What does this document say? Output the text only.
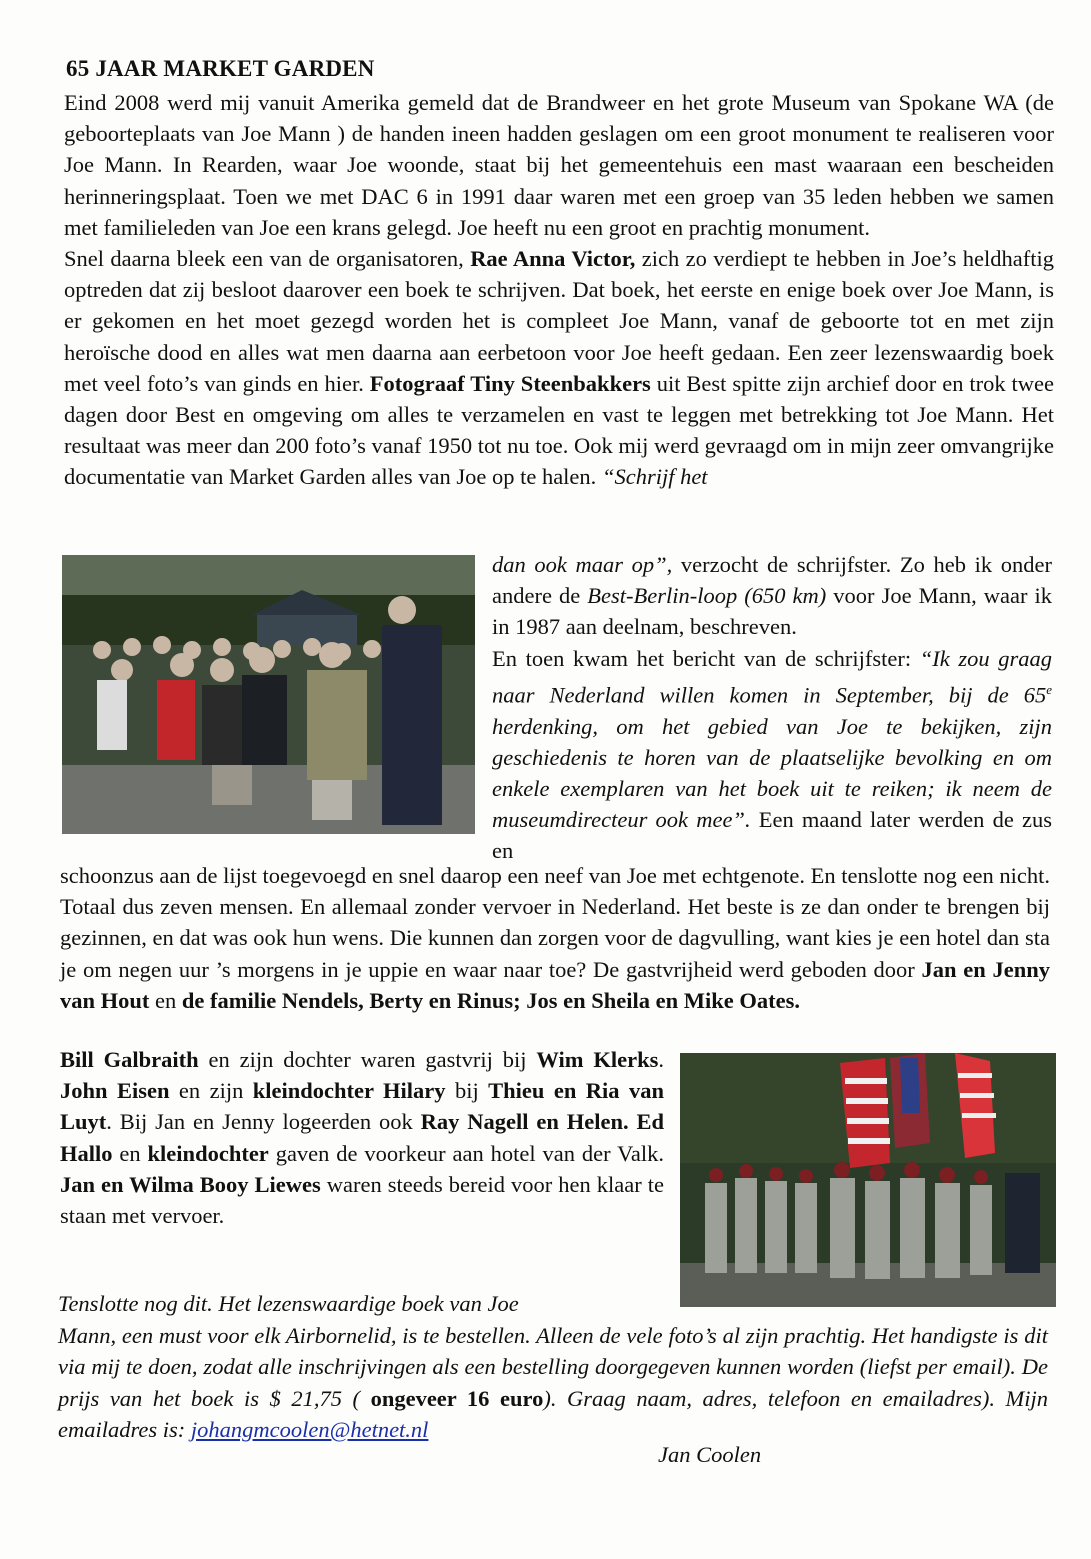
65 JAAR MARKET GARDEN

Eind 2008 werd mij vanuit Amerika gemeld dat de Brandweer en het grote Museum van Spokane WA (de geboorteplaats van Joe Mann ) de handen ineen hadden geslagen om een groot monument te realiseren voor Joe Mann. In Rearden, waar Joe woonde, staat bij het gemeentehuis een mast waaraan een bescheiden herinneringsplaat. Toen we met DAC 6 in 1991 daar waren met een groep van 35 leden hebben we samen met familieleden van Joe een krans gelegd. Joe heeft nu een groot en prachtig monument.

Snel daarna bleek een van de organisatoren, Rae Anna Victor, zich zo verdiept te hebben in Joe’s heldhaftig optreden dat zij besloot daarover een boek te schrijven. Dat boek, het eerste en enige boek over Joe Mann, is er gekomen en het moet gezegd worden het is compleet Joe Mann, vanaf de geboorte tot en met zijn heroïsche dood en alles wat men daarna aan eerbetoon voor Joe heeft gedaan. Een zeer lezenswaardig boek met veel foto’s van ginds en hier. Fotograaf Tiny Steenbakkers uit Best spitte zijn archief door en trok twee dagen door Best en omgeving om alles te verzamelen en vast te leggen met betrekking tot Joe Mann. Het resultaat was meer dan 200 foto’s vanaf 1950 tot nu toe. Ook mij werd gevraagd om in mijn zeer omvangrijke documentatie van Market Garden alles van Joe op te halen. “Schrijf het

dan ook maar op”, verzocht de schrijfster. Zo heb ik onder andere de Best-Berlin-loop (650 km) voor Joe Mann, waar ik in 1987 aan deelnam, beschreven.

En toen kwam het bericht van de schrijfster: “Ik zou graag naar Nederland willen komen in September, bij de 65e herdenking, om het gebied van Joe te bekijken, zijn geschiedenis te horen van de plaatselijke bevolking en om enkele exemplaren van het boek uit te reiken; ik neem de museumdirecteur ook mee”. Een maand later werden de zus en

schoonzus aan de lijst toegevoegd en snel daarop een neef van Joe met echtgenote. En tenslotte nog een nicht. Totaal dus zeven mensen. En allemaal zonder vervoer in Nederland. Het beste is ze dan onder te brengen bij gezinnen, en dat was ook hun wens. Die kunnen dan zorgen voor de dagvulling, want kies je een hotel dan sta je om negen uur ’s morgens in je uppie en waar naar toe? De gastvrijheid werd geboden door Jan en Jenny van Hout en de familie Nendels, Berty en Rinus; Jos en Sheila en Mike Oates.

Bill Galbraith en zijn dochter waren gastvrij bij Wim Klerks. John Eisen en zijn kleindochter Hilary bij Thieu en Ria van Luyt. Bij Jan en Jenny logeerden ook Ray Nagell en Helen. Ed Hallo en kleindochter gaven de voorkeur aan hotel van der Valk. Jan en Wilma Booy Liewes waren steeds bereid voor hen klaar te staan met vervoer.

Tenslotte nog dit. Het lezenswaardige boek van Joe
Mann, een must voor elk Airbornelid, is te bestellen. Alleen de vele foto’s al zijn prachtig. Het handigste is dit via mij te doen, zodat alle inschrijvingen als een bestelling doorgegeven kunnen worden (liefst per email). De prijs van het boek is $ 21,75 ( ongeveer 16 euro). Graag naam, adres, telefoon en emailadres). Mijn emailadres is: johangmcoolen@hetnet.nl
Jan Coolen
